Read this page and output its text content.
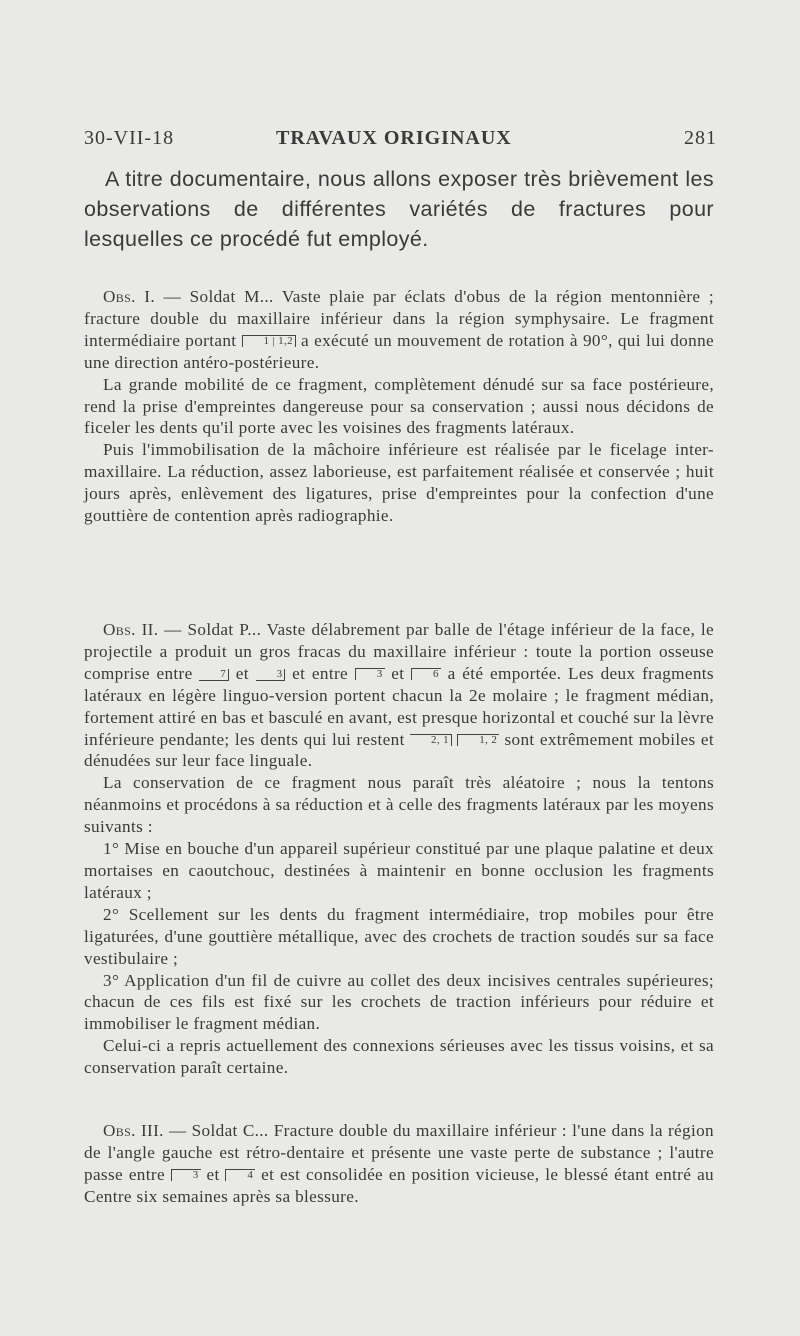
30-VII-18	TRAVAUX ORIGINAUX	281

A titre documentaire, nous allons exposer très brièvement les observations de différentes variétés de fractures pour lesquelles ce procédé fut employé.

Obs. I. — Soldat M... Vaste plaie par éclats d'obus de la région mentonnière ; fracture double du maxillaire inférieur dans la région symphysaire. Le fragment intermédiaire portant 1 | 1,2 a exécuté un mouvement de rotation à 90°, qui lui donne une direction antéro-postérieure.

La grande mobilité de ce fragment, complètement dénudé sur sa face postérieure, rend la prise d'empreintes dangereuse pour sa conservation ; aussi nous décidons de ficeler les dents qu'il porte avec les voisines des fragments latéraux.

Puis l'immobilisation de la mâchoire inférieure est réalisée par le ficelage inter-maxillaire. La réduction, assez laborieuse, est parfaitement réalisée et conservée ; huit jours après, enlèvement des ligatures, prise d'empreintes pour la confection d'une gouttière de contention après radiographie.

Obs. II. — Soldat P... Vaste délabrement par balle de l'étage inférieur de la face, le projectile a produit un gros fracas du maxillaire inférieur : toute la portion osseuse comprise entre 7 et 3 et entre 3 et 6 a été emportée. Les deux fragments latéraux en légère linguo-version portent chacun la 2e molaire ; le fragment médian, fortement attiré en bas et basculé en avant, est presque horizontal et couché sur la lèvre inférieure pendante; les dents qui lui restent 2, 1	1, 2 sont extrêmement mobiles et dénudées sur leur face linguale.

La conservation de ce fragment nous paraît très aléatoire ; nous la tentons néanmoins et procédons à sa réduction et à celle des fragments latéraux par les moyens suivants :

1° Mise en bouche d'un appareil supérieur constitué par une plaque palatine et deux mortaises en caoutchouc, destinées à maintenir en bonne occlusion les fragments latéraux ;

2° Scellement sur les dents du fragment intermédiaire, trop mobiles pour être ligaturées, d'une gouttière métallique, avec des crochets de traction soudés sur sa face vestibulaire ;

3° Application d'un fil de cuivre au collet des deux incisives centrales supérieures; chacun de ces fils est fixé sur les crochets de traction inférieurs pour réduire et immobiliser le fragment médian.

Celui-ci a repris actuellement des connexions sérieuses avec les tissus voisins, et sa conservation paraît certaine.

Obs. III. — Soldat C... Fracture double du maxillaire inférieur : l'une dans la région de l'angle gauche est rétro-dentaire et présente une vaste perte de substance ; l'autre passe entre 3 et 4 et est consolidée en position vicieuse, le blessé étant entré au Centre six semaines après sa blessure.
